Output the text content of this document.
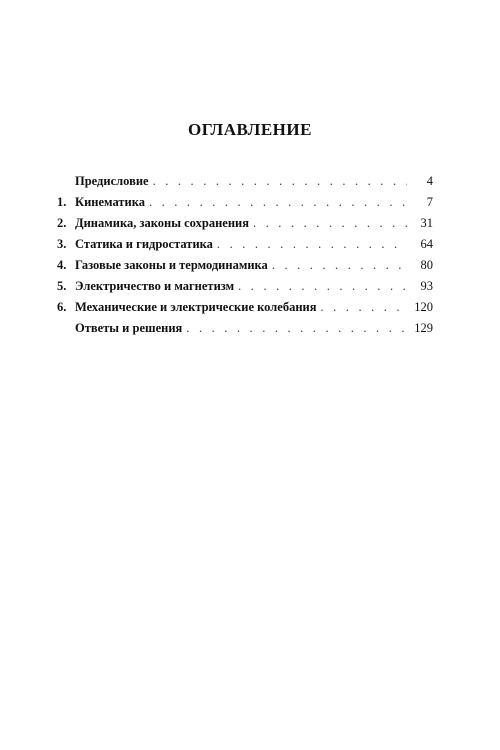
ОГЛАВЛЕНИЕ
Предисловие . . .	4
1. Кинематика . . .	7
2. Динамика, законы сохранения . . .	31
3. Статика и гидростатика . . .	64
4. Газовые законы и термодинамика . . .	80
5. Электричество и магнетизм . . .	93
6. Механические и электрические колебания . . .	120
Ответы и решения . . .	129
